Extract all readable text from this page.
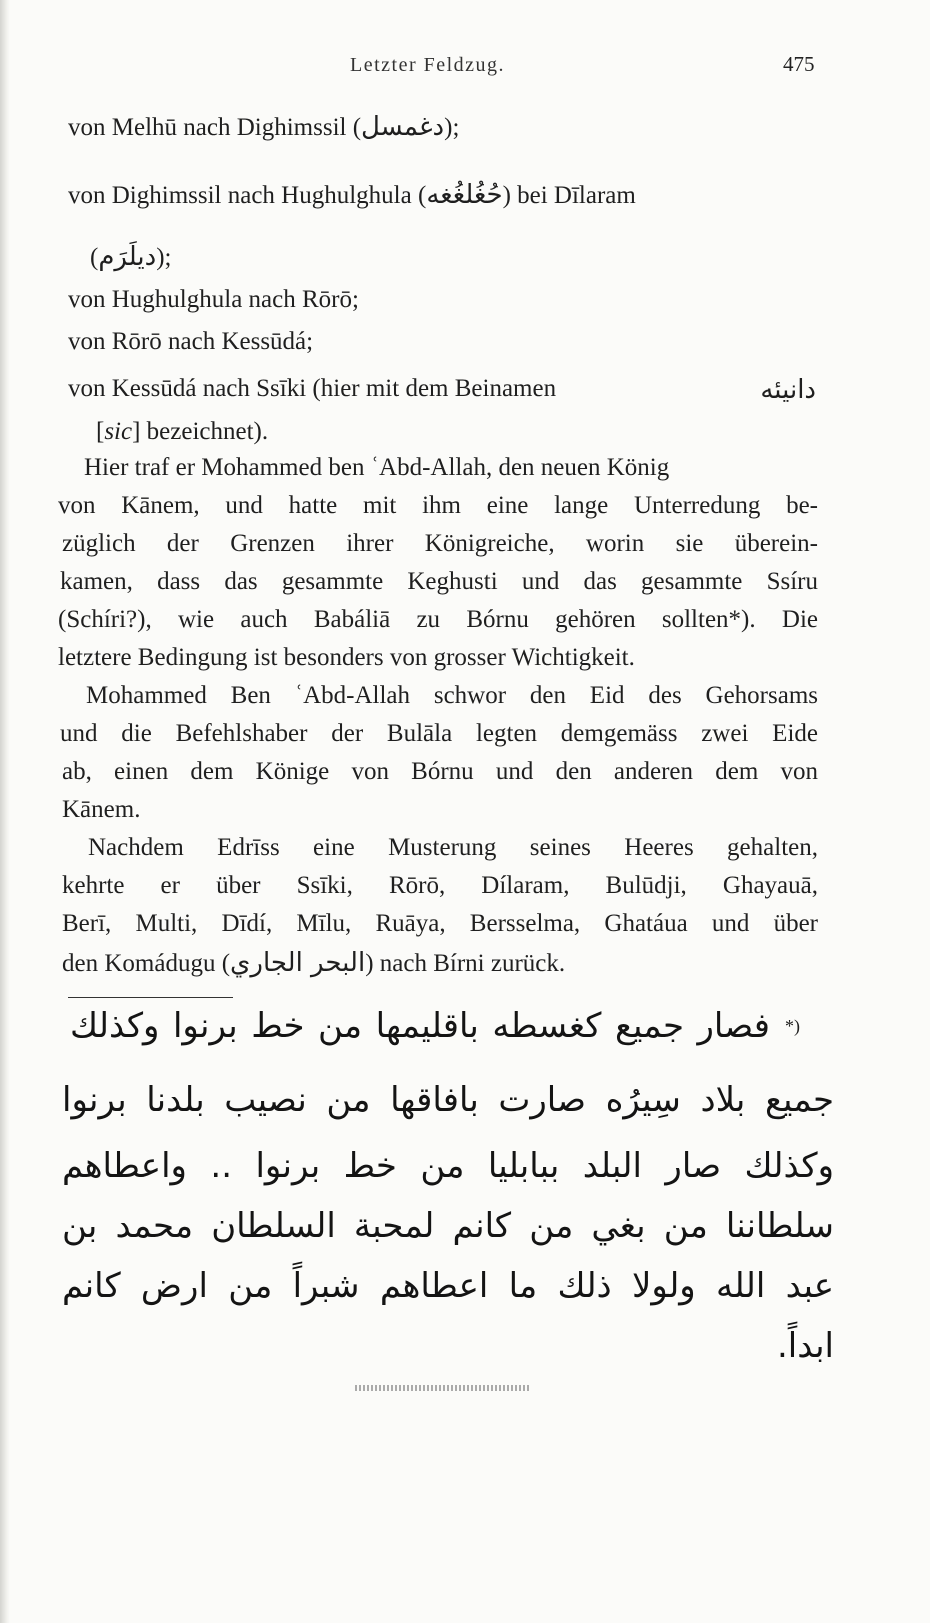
Letzter Feldzug.	475
von Melhū nach Dighimssil (دغمسل);
von Dighimssil nach Hughulghula (حُغُلغُغه) bei Dīlaram
(دیلَرَم);
von Hughulghula nach Rōrō;
von Rōrō nach Kessūdá;
von Kessūdá nach Ssīki (hier mit dem Beinamen	دانیئه
[sic] bezeichnet).
Hier traf er Mohammed ben ʿAbd-Allah, den neuen König
von Kānem, und hatte mit ihm eine lange Unterredung be-
züglich der Grenzen ihrer Königreiche, worin sie überein-
kamen, dass das gesammte Keghusti und das gesammte Ssíru
(Schíri?), wie auch Babáliā zu Bórnu gehören sollten*). Die
letztere Bedingung ist besonders von grosser Wichtigkeit.
Mohammed Ben ʿAbd-Allah schwor den Eid des Gehorsams
und die Befehlshaber der Bulāla legten demgemäss zwei Eide
ab, einen dem Könige von Bórnu und den anderen dem von
Kānem.
Nachdem Edrīss eine Musterung seines Heeres gehalten,
kehrte er über Ssīki, Rōrō, Dílaram, Bulūdji, Ghayauā,
Berī, Multi, Dīdí, Mīlu, Ruāya, Bersselma, Ghatáua und über
den Komádugu (البحر الجاري) nach Bírni zurück.
*)
فصار جميع كغسطه باقليمها من خط برنوا وكذلك
جميع بلاد سِيرُه صارت بافاقها من نصيب بلدنا برنوا
وكذلك صار البلد ببابليا من خط برنوا .. واعطاهم
سلطاننا من بغي من كانم لمحبة السلطان محمد بن
عبد الله ولولا ذلك ما اعطاهم شبراً من ارض كانم
ابداً.
